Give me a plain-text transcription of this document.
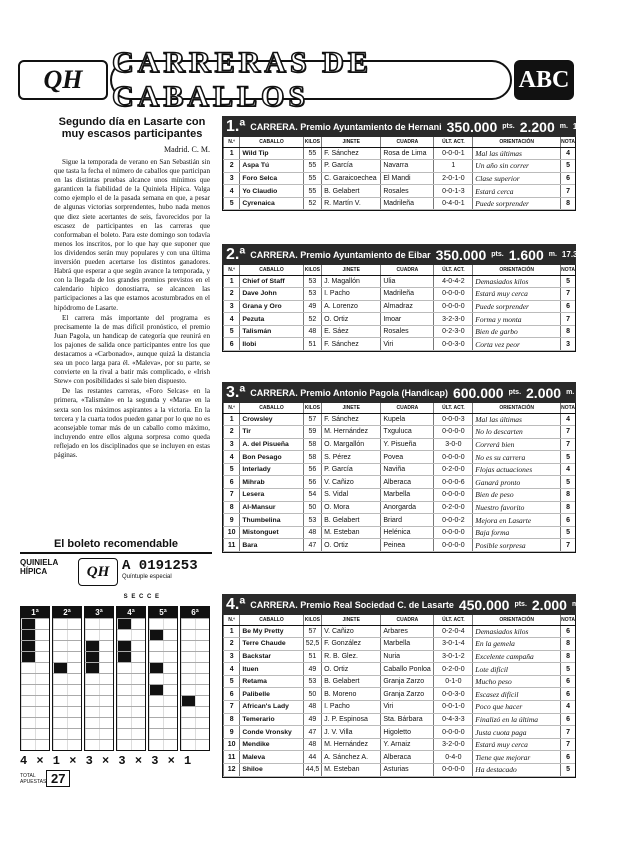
QH
CARRERAS DE CABALLOS
ABC
Segundo día en Lasarte con muy escasos participantes
Madrid. C. M.

Sigue la temporada de verano en San Sebastián sin que tasta la fecha el número de caballos que participan en las distintas pruebas alcance unos mínimos que garanticen la fiabilidad de la Quiniela Hípica. Valga como ejemplo el de la pasada semana en que, a pesar de algunas victorias sorprendentes, hubo nada menos que diez siete acertantes de seis, favorecidos por la escasez de participantes en las carreras que conformaban el boleto. Para este domingo son todavía menos los inscritos, por lo que hay que suponer que los dividendos serán muy populares y con una última inversión pueden acertarse los distintos ganadores. Habrá que esperar a que según avance la temporada, y con la llegada de los grandes premios previstos en el calendario hípico donostiarra, se alcancen las participaciones a las que estamos acostumbrados en el hipódromo de Lasarte.

El carrera más importante del programa es precisamente la de mas difícil pronóstico, el premio Juan Pagola, un handicap de categoría que reunirá en los pajones de salida once participantes entre los que destacamos a «Carbonado», aunque quizá la distancia sea un poco larga para él. «Maleva», por su parte, se convierte en la rival a batir más complicado, e «Irish Stew» con posibilidades si sale bien dispuesto.

De las restantes carreras, «Foro Selcas» en la primera, «Talismán» en la segunda y «Mara» en la sexta son los máximos aspirantes a la victoria. En la tercera y la cuarta todos pueden ganar por lo que no es aconsejable tomar más de un caballo como máximo, incluyendo entre ellos alguna sorpresa como queda reflejado en los disciplinados que se incluyen en estas páginas.

El boleto recomendable
QUINIELA HÍPICA	QH A 0191253
Quíntuple especial
S E C C E
1ª	2ª	3ª	4ª	5ª	6ª
4 × 1 × 3 × 3 × 3 × 1
TOTAL APUESTAS 27
1.ª CARRERA. Premio Ayuntamiento de Hernani 350.000 pts. 2.200 m. 17.00 h
N.º	CABALLO	KILOS	JINETE	CUADRA	ÚLT. ACT.	ORIENTACIÓN	NOTA
1	Wild Tip	55	F. Sánchez	Rosa de Lima	0-0-0-1	Mal las últimas	4
2	Aspa Tú	55	P. García	Navarra	1	Un año sin correr	5
3	Foro Selca	55	C. Garaicoechea	El Mandi	2-0-1-0	Clase superior	6
4	Yo Claudio	55	B. Gelabert	Rosales	0-0-1-3	Estará cerca	7
5	Cyrenaica	52	R. Martín V.	Madrileña	0-4-0-1	Puede sorprender	8
2.ª CARRERA. Premio Ayuntamiento de Eibar 350.000 pts. 1.600 m. 17.35 h
N.º	CABALLO	KILOS	JINETE	CUADRA	ÚLT. ACT.	ORIENTACIÓN	NOTA
1	Chief of Staff	53	J. Magallón	Ulia	4-0-4-2	Demasiados kilos	5
2	Dave John	53	I. Pacho	Madrileña	0-0-0-0	Estará muy cerca	7
3	Grana y Oro	49	A. Lorenzo	Almadraz	0-0-0-0	Puede sorprender	6
4	Pezuta	52	O. Ortiz	Imoar	3-2-3-0	Forma y monta	7
5	Talismán	48	E. Sáez	Rosales	0-2-3-0	Bien de garbo	8
6	Ilobi	51	F. Sánchez	Viri	0-0-3-0	Corta vez peor	3
3.ª CARRERA. Premio Antonio Pagola (Handicap) 600.000 pts. 2.000 m. 18.05 h
N.º	CABALLO	KILOS	JINETE	CUADRA	ÚLT. ACT.	ORIENTACIÓN	NOTA
1	Crowsley	57	F. Sánchez	Kupela	0-0-0-3	Mal las últimas	4
2	Tir	59	M. Hernández	Txguluca	0-0-0-0	No lo descarten	7
3	A. del Pisueña	58	O. Margallón	Y. Pisueña	3-0-0	Correrá bien	7
4	Bon Pesago	58	S. Pérez	Povea	0-0-0-0	No es su carrera	5
5	Interlady	56	P. García	Naviña	0-2-0-0	Flojas actuaciones	4
6	Mihrab	56	V. Cañizo	Alberaca	0-0-0-6	Ganará pronto	5
7	Lesera	54	S. Vidal	Marbella	0-0-0-0	Bien de peso	8
8	Al-Mansur	50	O. Mora	Anorgarda	0-2-0-0	Nuestro favorito	8
9	Thumbelina	53	B. Gelabert	Briard	0-0-0-2	Mejora en Lasarte	6
10	Mistonguet	48	M. Esteban	Helénica	0-0-0-0	Baja forma	5
11	Bara	47	O. Ortiz	Peinea	0-0-0-0	Posible sorpresa	7
4.ª CARRERA. Premio Real Sociedad C. de Lasarte 450.000 pts. 2.000 m. 18.40 h
N.º	CABALLO	KILOS	JINETE	CUADRA	ÚLT. ACT.	ORIENTACIÓN	NOTA
1	Be My Pretty	57	V. Cañizo	Arbares	0-2-0-4	Demasiados kilos	6
2	Terre Chaude	52,5	F. González	Marbella	3-0-1-4	En la gemela	8
3	Backstar	51	R. B. Glez.	Nuria	3-0-1-2	Excelente campaña	8
4	Ituen	49	O. Ortiz	Caballo Ponloa	0-2-0-0	Lote difícil	5
5	Retama	53	B. Gelabert	Granja Zarzo	0-1-0	Mucho peso	6
6	Palibelle	50	B. Moreno	Granja Zarzo	0-0-3-0	Escasez difícil	6
7	African's Lady	48	I. Pacho	Viri	0-0-1-0	Poco que hacer	4
8	Temerario	49	J. P. Espinosa	Sta. Bárbara	0-4-3-3	Finalizó en la última	6
9	Conde Vronsky	47	J. V. Villa	Higoletto	0-0-0-0	Justa cuota paga	7
10	Mendike	48	M. Hernández	Y. Arnaiz	3-2-0-0	Estará muy cerca	7
11	Maleva	44	A. Sánchez A.	Alberaca	0-4-0	Tiene que mejorar	6
12	Shiloe	44,5	M. Esteban	Asturias	0-0-0-0	Ha destacado	5
